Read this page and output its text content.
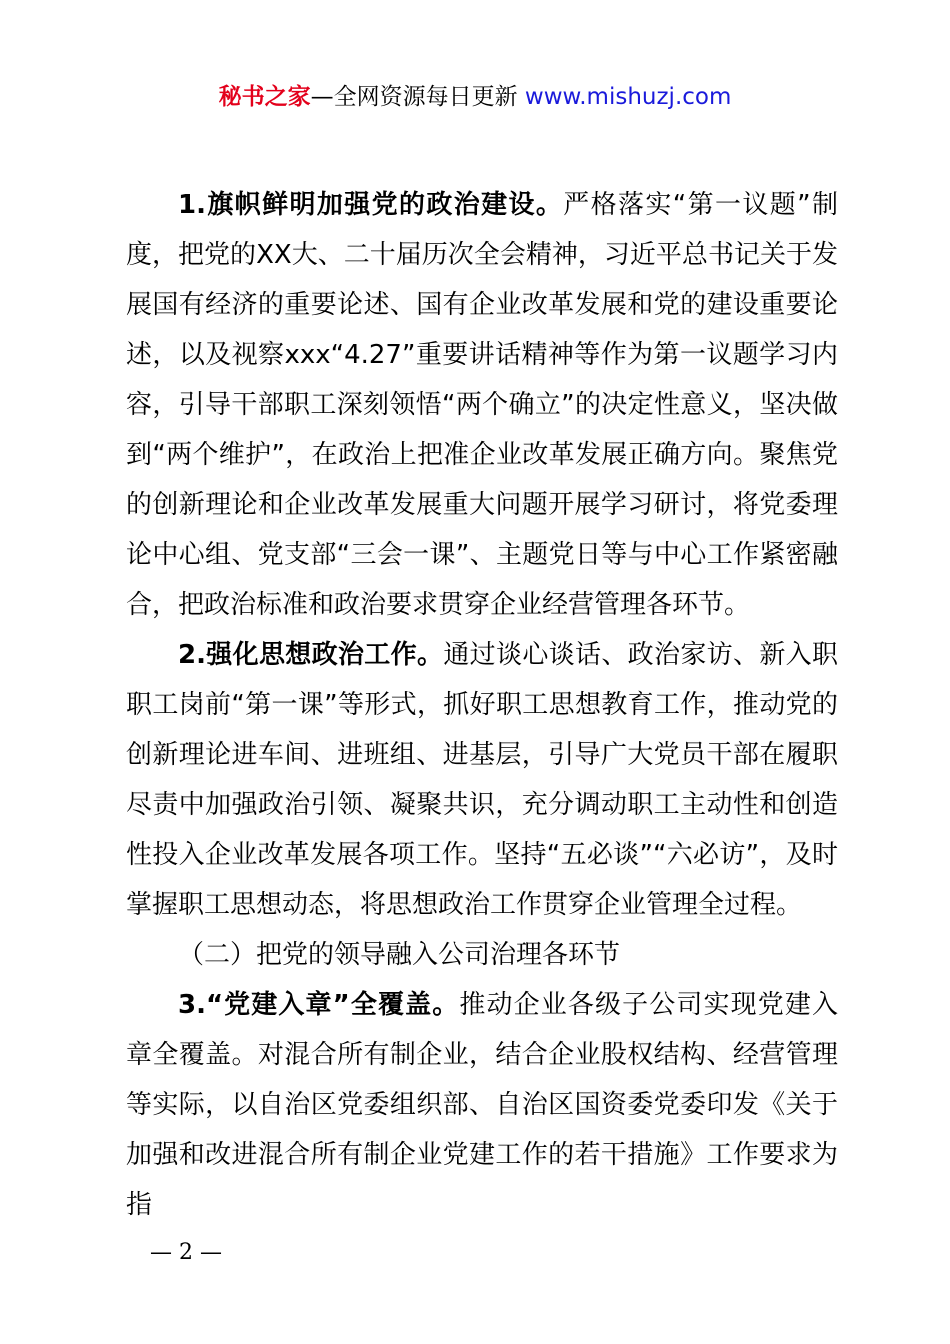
秘书之家—全网资源每日更新 www.mishuzj.com

1.旗帜鲜明加强党的政治建设。严格落实“第一议题”制度，把党的XX大、二十届历次全会精神，习近平总书记关于发展国有经济的重要论述、国有企业改革发展和党的建设重要论述，以及视察xxx“4.27”重要讲话精神等作为第一议题学习内容，引导干部职工深刻领悟“两个确立”的决定性意义，坚决做到“两个维护”，在政治上把准企业改革发展正确方向。聚焦党的创新理论和企业改革发展重大问题开展学习研讨，将党委理论中心组、党支部“三会一课”、主题党日等与中心工作紧密融合，把政治标准和政治要求贯穿企业经营管理各环节。

2.强化思想政治工作。通过谈心谈话、政治家访、新入职职工岗前“第一课”等形式，抓好职工思想教育工作，推动党的创新理论进车间、进班组、进基层，引导广大党员干部在履职尽责中加强政治引领、凝聚共识，充分调动职工主动性和创造性投入企业改革发展各项工作。坚持“五必谈”“六必访”，及时掌握职工思想动态，将思想政治工作贯穿企业管理全过程。

（二）把党的领导融入公司治理各环节

3.“党建入章”全覆盖。推动企业各级子公司实现党建入章全覆盖。对混合所有制企业，结合企业股权结构、经营管理等实际，以自治区党委组织部、自治区国资委党委印发《关于加强和改进混合所有制企业党建工作的若干措施》工作要求为指

— 2 —
